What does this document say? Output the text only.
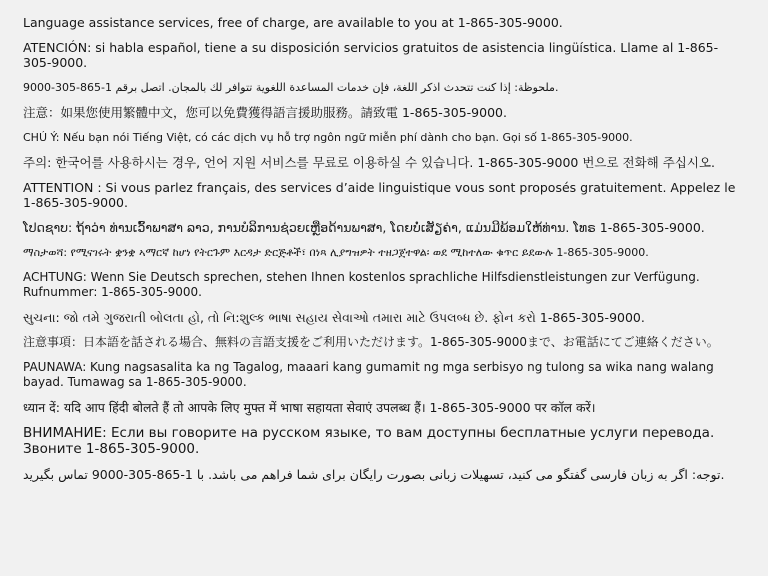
Language assistance services, free of charge, are available to you at 1-865-305-9000.

ATENCIÓN: si habla español, tiene a su disposición servicios gratuitos de asistencia lingüística. Llame al 1-865-305-9000.

ملحوظة: إذا كنت تتحدث اذكر اللغة، فإن خدمات المساعدة اللغوية تتوافر لك بالمجان. اتصل برقم 1-865-305-9000.

注意：如果您使用繁體中文，您可以免費獲得語言援助服務。請致電 1-865-305-9000.

CHÚ Ý: Nếu bạn nói Tiếng Việt, có các dịch vụ hỗ trợ ngôn ngữ miễn phí dành cho bạn. Gọi số 1-865-305-9000.

주의: 한국어를 사용하시는 경우, 언어 지원 서비스를 무료로 이용하실 수 있습니다. 1-865-305-9000 번으로 전화해 주십시오.

ATTENTION : Si vous parlez français, des services d’aide linguistique vous sont proposés gratuitement. Appelez le 1-865-305-9000.

ໂປດຊາບ: ຖ້າວ່າ ທ່ານເວົ້າພາສາ ລາວ, ການບໍລິການຊ່ວຍເຫຼືອດ້ານພາສາ, ໂດຍບໍ່ເສັຽຄ່າ, ແມ່ນມີພ້ອມໃຫ້ທ່ານ. ໂທຣ 1-865-305-9000.

ማስታወሻ: የሚናገሩት ቋንቋ ኣማርኛ ከሆነ የትርጉም እርዳታ ድርጅቶች፣ በነጻ ሊያግዝዎት ተዘጋጀተዋል፡ ወደ ሚከተለው ቁጥር ይደውሉ 1-865-305-9000.

ACHTUNG: Wenn Sie Deutsch sprechen, stehen Ihnen kostenlos sprachliche Hilfsdienstleistungen zur Verfügung. Rufnummer: 1-865-305-9000.

સુચના: જો તમે ગુજરાતી બોલતા હો, તો નિ:શુલ્ક ભાષા સહાય સેવાઓ તમારા માટે ઉપલબ્ધ છે. ફોન કરો 1-865-305-9000.

注意事項：日本語を話される場合、無料の言語支援をご利用いただけます。1-865-305-9000まで、お電話にてご連絡ください。

PAUNAWA: Kung nagsasalita ka ng Tagalog, maaari kang gumamit ng mga serbisyo ng tulong sa wika nang walang bayad. Tumawag sa 1-865-305-9000.

ध्यान दें: यदि आप हिंदी बोलते हैं तो आपके लिए मुफ्त में भाषा सहायता सेवाएं उपलब्ध हैं। 1-865-305-9000 पर कॉल करें।

ВНИМАНИЕ: Если вы говорите на русском языке, то вам доступны бесплатные услуги перевода. Звоните 1-865-305-9000.

توجه: اگر به زبان فارسی گفتگو می کنید، تسهیلات زبانی بصورت رایگان برای شما فراهم می باشد. با 1-865-305-9000 تماس بگیرید.
